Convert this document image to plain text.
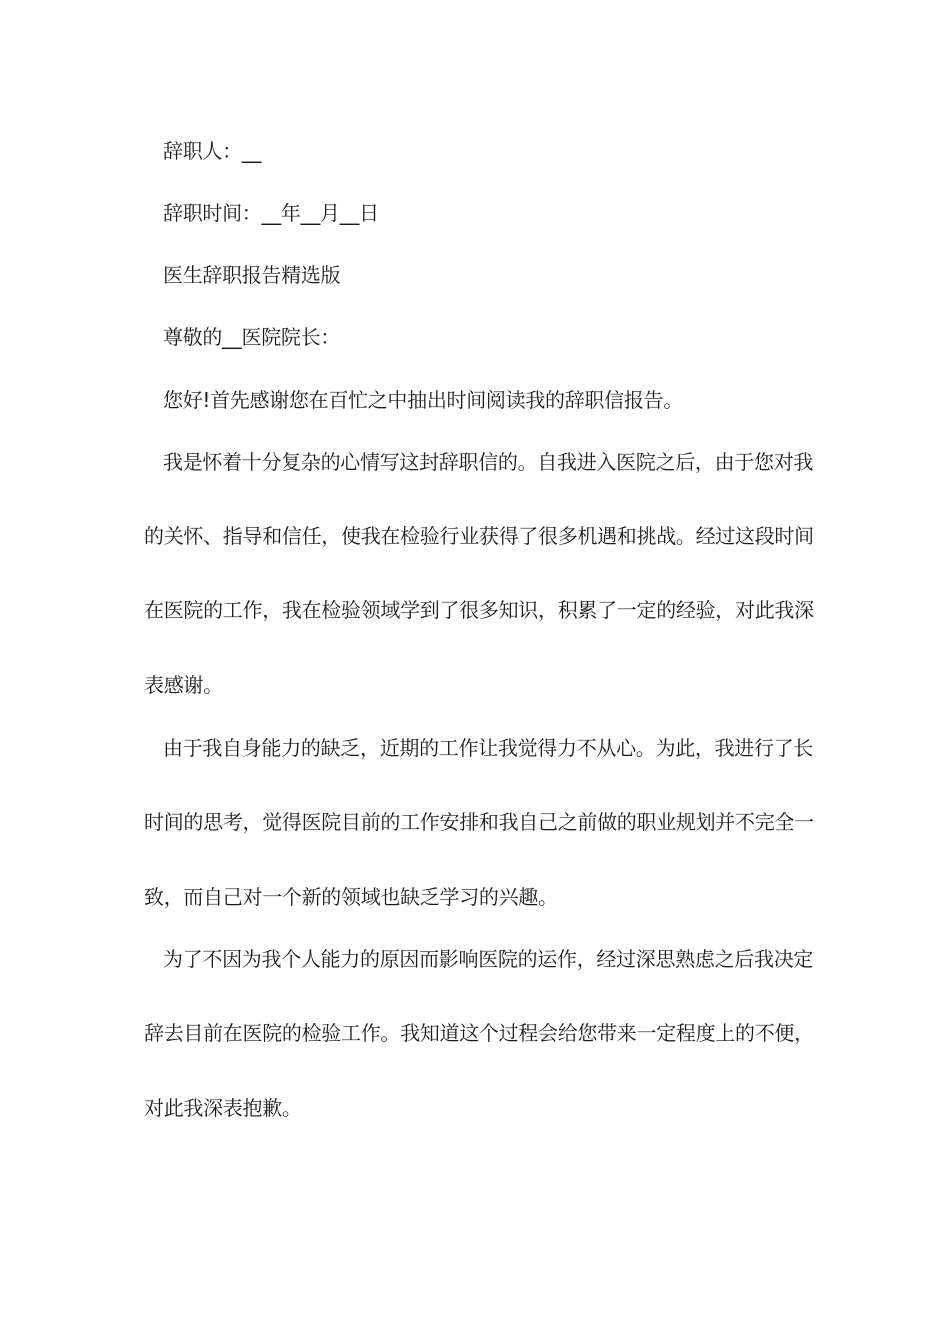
辞职人：__
辞职时间：__年__月__日
医生辞职报告精选版
尊敬的__医院院长：
您好!首先感谢您在百忙之中抽出时间阅读我的辞职信报告。
我是怀着十分复杂的心情写这封辞职信的。自我进入医院之后，由于您对我
的关怀、指导和信任，使我在检验行业获得了很多机遇和挑战。经过这段时间
在医院的工作，我在检验领域学到了很多知识，积累了一定的经验，对此我深
表感谢。
由于我自身能力的缺乏，近期的工作让我觉得力不从心。为此，我进行了长
时间的思考，觉得医院目前的工作安排和我自己之前做的职业规划并不完全一
致，而自己对一个新的领域也缺乏学习的兴趣。
为了不因为我个人能力的原因而影响医院的运作，经过深思熟虑之后我决定
辞去目前在医院的检验工作。我知道这个过程会给您带来一定程度上的不便，
对此我深表抱歉。
